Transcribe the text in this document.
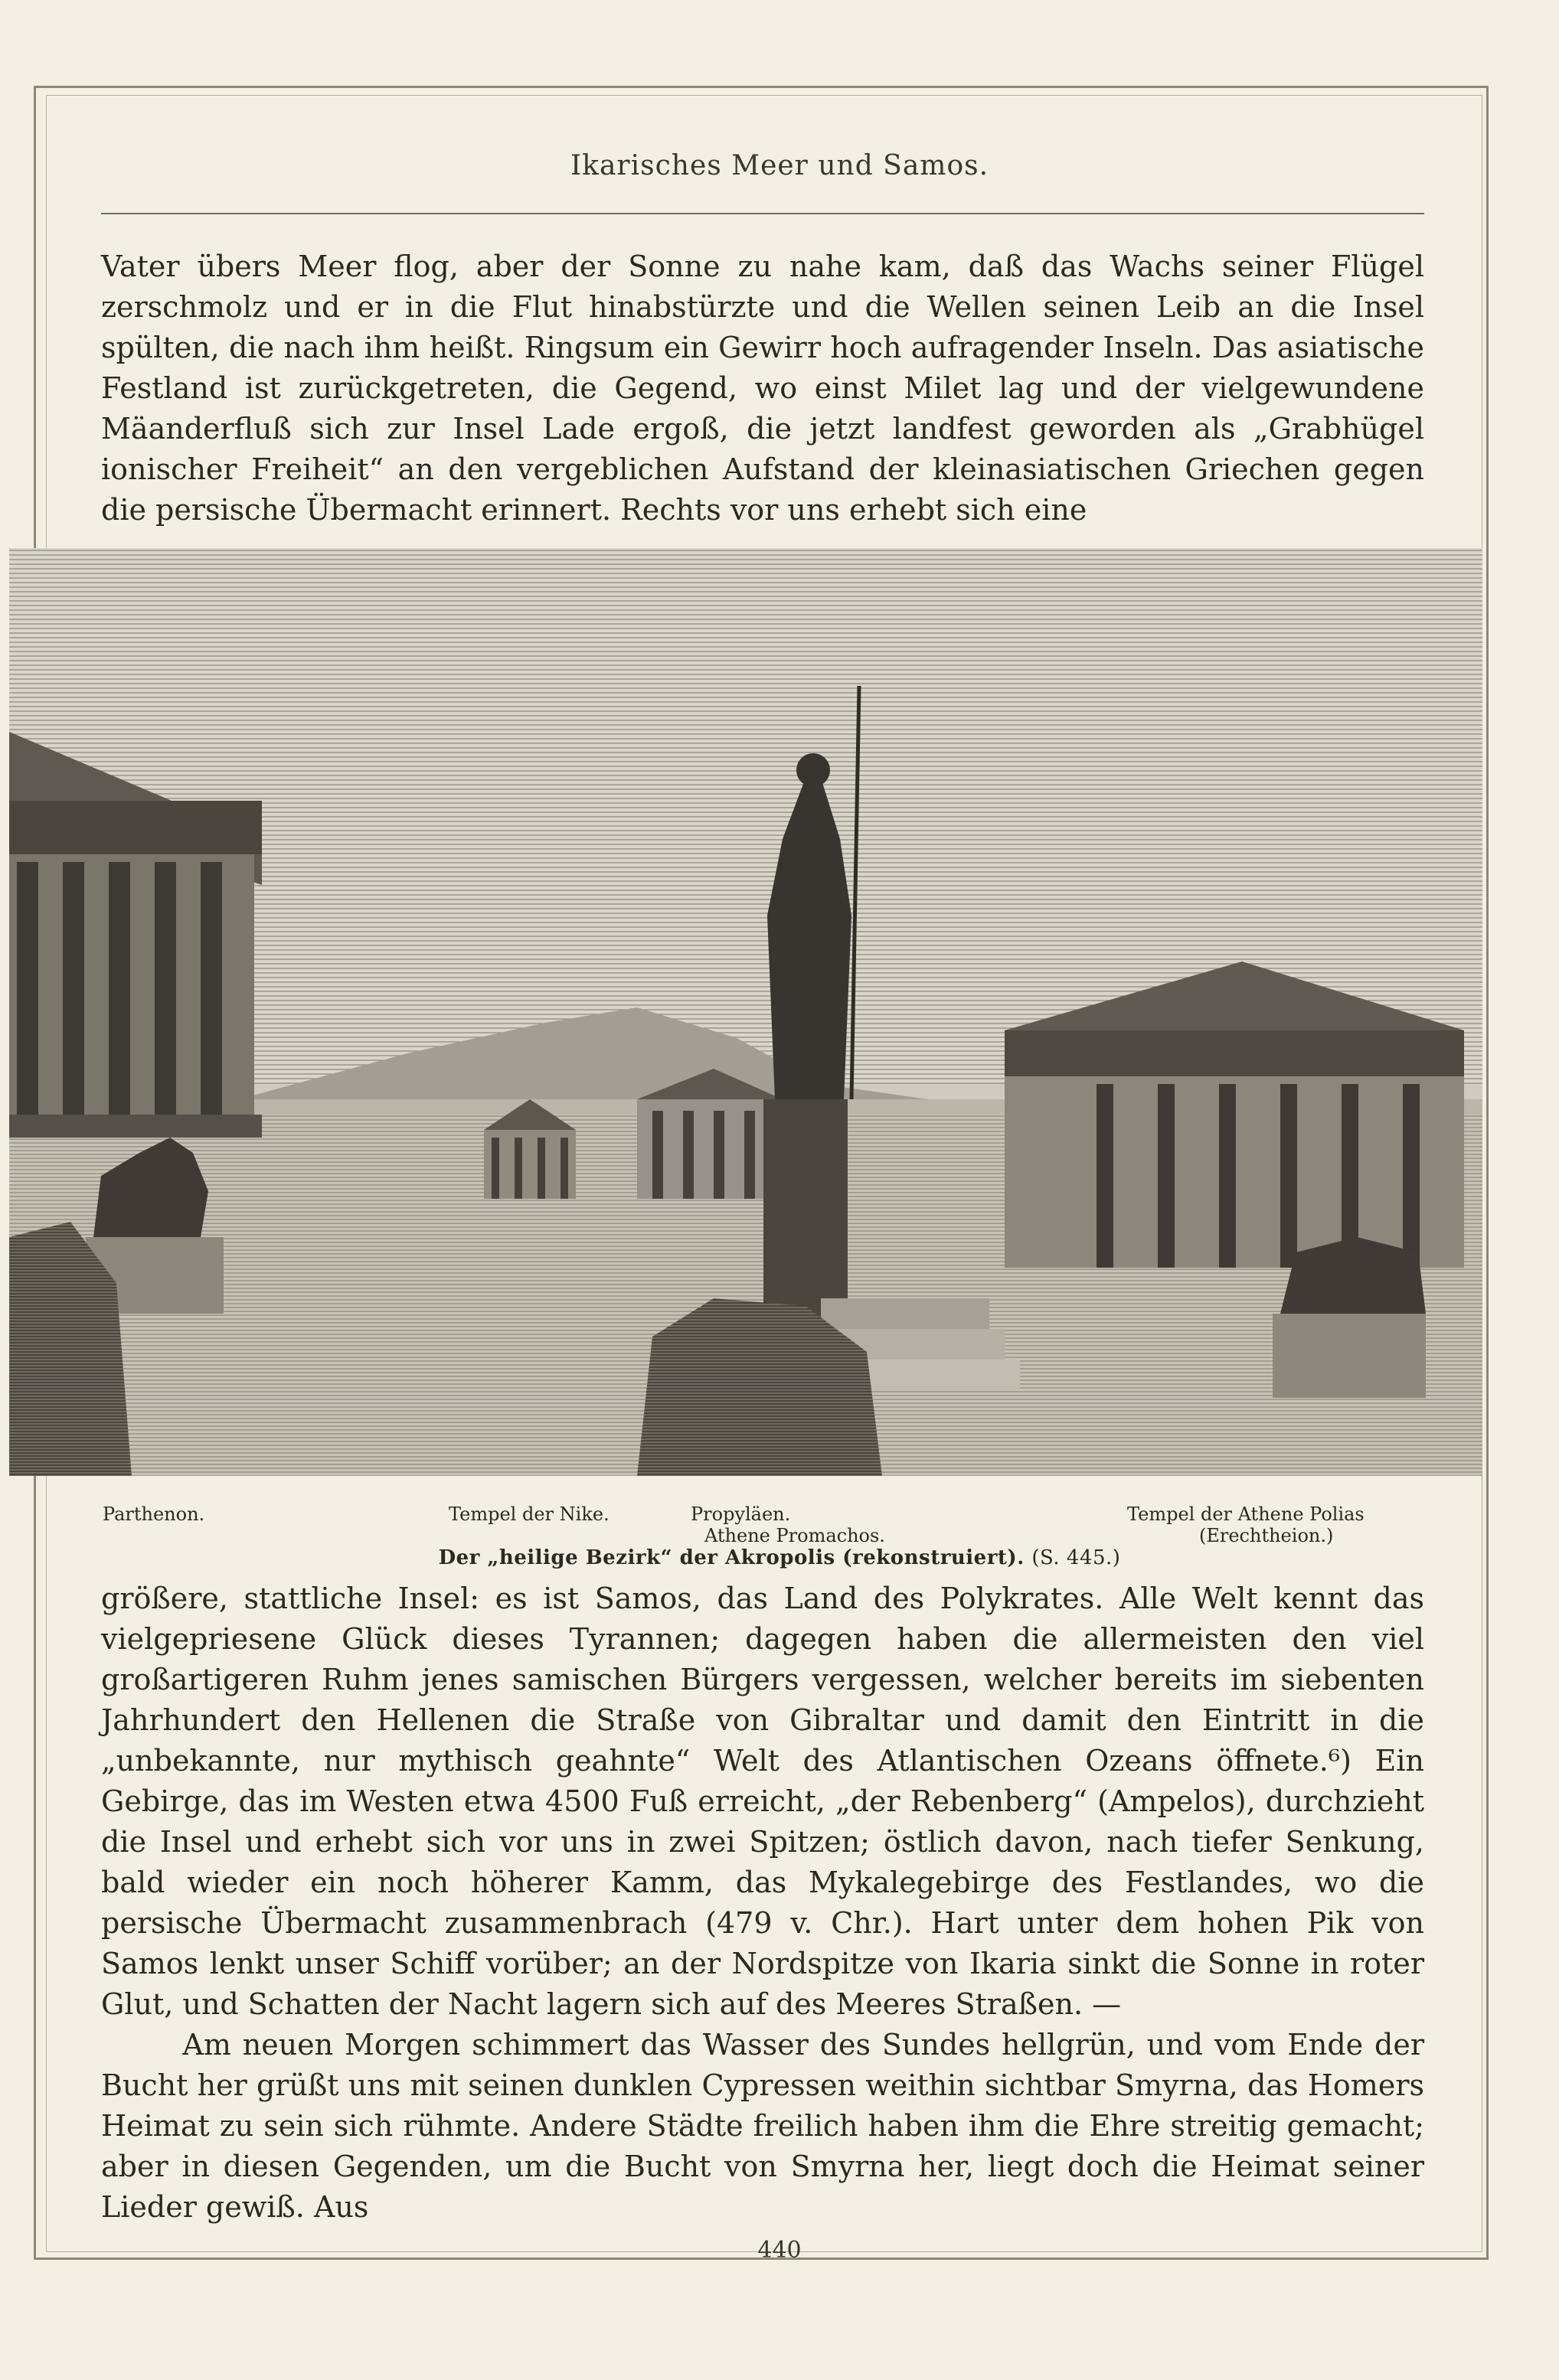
Ikarisches Meer und Samos.

Vater übers Meer flog, aber der Sonne zu nahe kam, daß das Wachs seiner Flügel zerschmolz und er in die Flut hinabstürzte und die Wellen seinen Leib an die Insel spülten, die nach ihm heißt. Ringsum ein Gewirr hoch aufragender Inseln. Das asiatische Festland ist zurückgetreten, die Gegend, wo einst Milet lag und der vielgewundene Mäanderfluß sich zur Insel Lade ergoß, die jetzt landfest geworden als „Grabhügel ionischer Freiheit“ an den vergeblichen Aufstand der kleinasiatischen Griechen gegen die persische Übermacht erinnert. Rechts vor uns erhebt sich eine

Parthenon.	Tempel der Nike.	Propyläen.
Athene Promachos.
Tempel der Athene Polias
(Erechtheion.)
Der „heilige Bezirk“ der Akropolis (rekonstruiert). (S. 445.)

größere, stattliche Insel: es ist Samos, das Land des Polykrates. Alle Welt kennt das vielgepriesene Glück dieses Tyrannen; dagegen haben die allermeisten den viel großartigeren Ruhm jenes samischen Bürgers vergessen, welcher bereits im siebenten Jahrhundert den Hellenen die Straße von Gibraltar und damit den Eintritt in die „unbekannte, nur mythisch geahnte“ Welt des Atlantischen Ozeans öffnete.⁶) Ein Gebirge, das im Westen etwa 4500 Fuß erreicht, „der Rebenberg“ (Ampelos), durchzieht die Insel und erhebt sich vor uns in zwei Spitzen; östlich davon, nach tiefer Senkung, bald wieder ein noch höherer Kamm, das Mykalegebirge des Festlandes, wo die persische Übermacht zusammenbrach (479 v. Chr.). Hart unter dem hohen Pik von Samos lenkt unser Schiff vorüber; an der Nordspitze von Ikaria sinkt die Sonne in roter Glut, und Schatten der Nacht lagern sich auf des Meeres Straßen. —

Am neuen Morgen schimmert das Wasser des Sundes hellgrün, und vom Ende der Bucht her grüßt uns mit seinen dunklen Cypressen weithin sichtbar Smyrna, das Homers Heimat zu sein sich rühmte. Andere Städte freilich haben ihm die Ehre streitig gemacht; aber in diesen Gegenden, um die Bucht von Smyrna her, liegt doch die Heimat seiner Lieder gewiß. Aus

440
